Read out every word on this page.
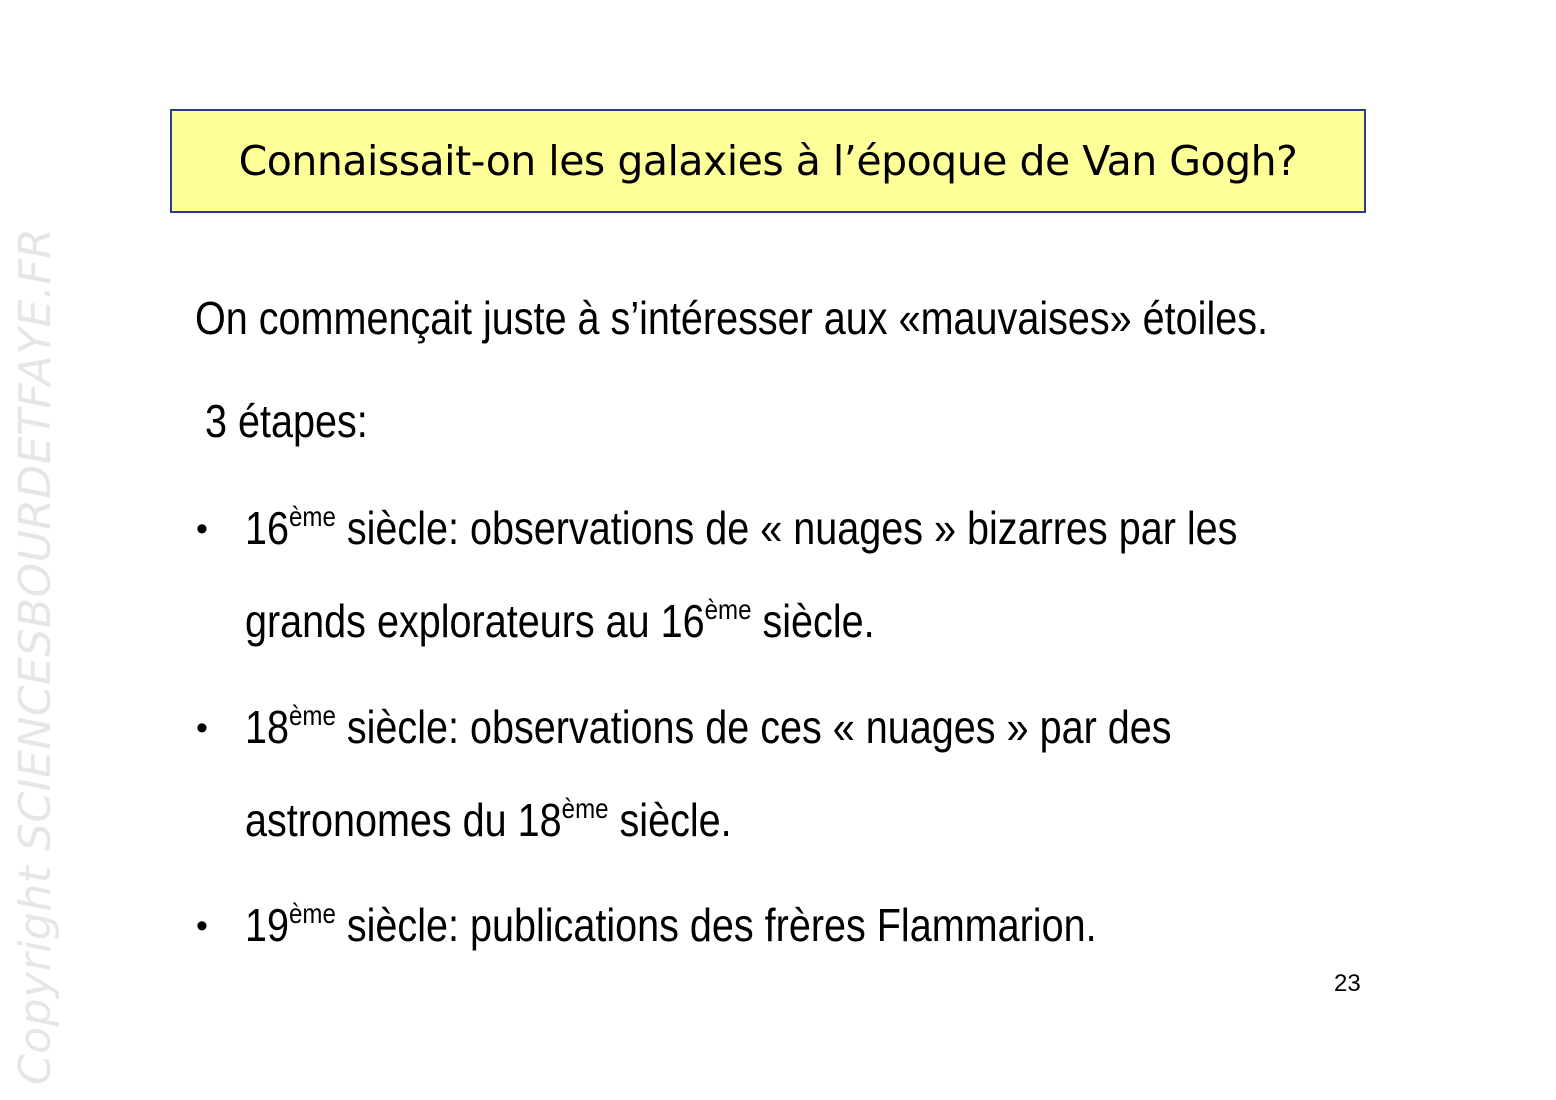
Copyright SCIENCESBOURDETFAYE.FR
Connaissait-on les galaxies à l’époque de Van Gogh?
On commençait juste à s’intéresser aux «mauvaises» étoiles.
3 étapes:
• 16ème siècle: observations de « nuages » bizarres par les
grands explorateurs au 16ème siècle.
• 18ème siècle: observations de ces « nuages » par des
astronomes du 18ème siècle.
• 19ème siècle: publications des frères Flammarion.
23
